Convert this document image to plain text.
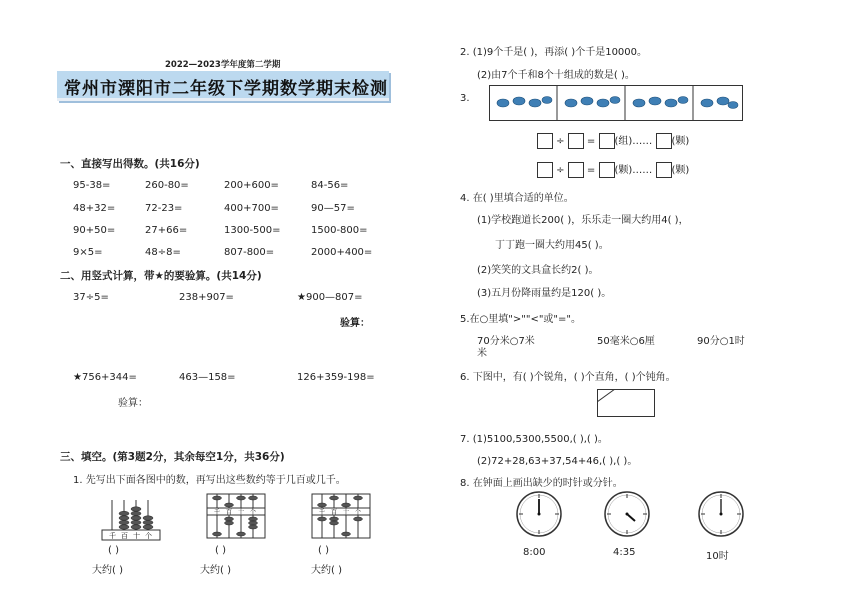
2022—2023学年度第二学期
常州市溧阳市二年级下学期数学期末检测
一、直接写出得数。(共16分)
95-38=	260-80=	200+600=	84-56=
48+32=	72-23=	400+700=	90—57=
90+50=	27+66=	1300-500=	1500-800=
9×5=	48÷8=	807-800=	2000+400=
二、用竖式计算，带★的要验算。(共14分)
37÷5=	238+907=	★900—807=
验算：
★756+344=	463—158=	126+359-198=
验算：
三、填空。(第3题2分，其余每空1分，共36分)
1. 先写出下面各图中的数，再写出这些数约等于几百或几千。
千 百 十 个
千 百 十 个	千 百 十 个
( )	( )	( )
大约( )	大约( )	大约( )
2. (1)9个千是( )，再添( )个千是10000。
(2)由7个千和8个十组成的数是( )。
3.
÷  = (组)…… (颗)
÷  = (颗)…… (颗)
4. 在( )里填合适的单位。
(1)学校跑道长200( )，乐乐走一圈大约用4( )，
丁丁跑一圈大约用45( )。
(2)笑笑的文具盒长约2( )。
(3)五月份降雨量约是120( )。
5.在○里填">""<"或"="。
70分米○7米
米
50毫米○6厘	90分○1时
6. 下图中，有( )个锐角，( )个直角，( )个钝角。
7. (1)5100,5300,5500,( ),( )。
(2)72+28,63+37,54+46,( ),( )。
8. 在钟面上画出缺少的时针或分针。
8:00	4:35	10时
